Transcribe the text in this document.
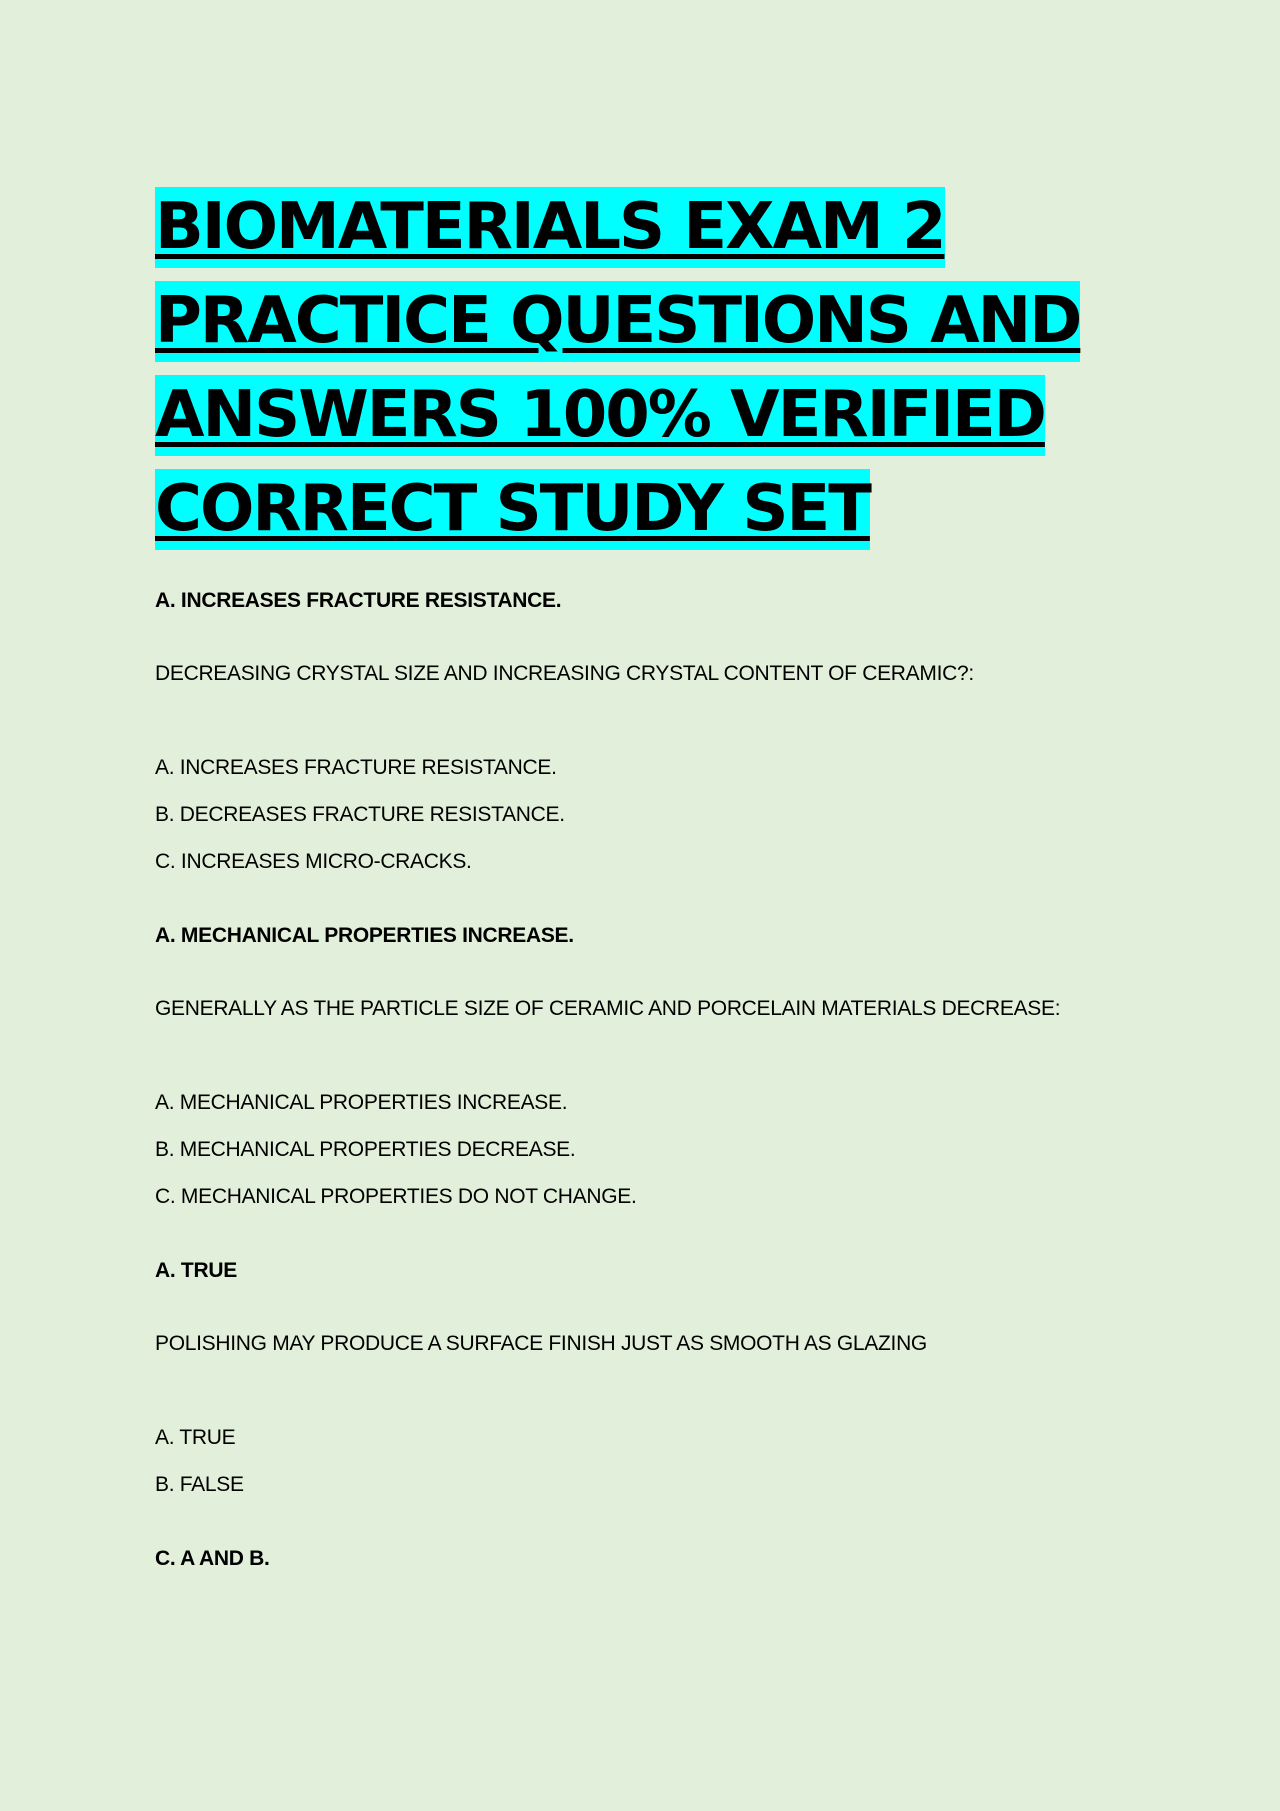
BIOMATERIALS EXAM 2
PRACTICE QUESTIONS AND
ANSWERS 100% VERIFIED
CORRECT STUDY SET

A. INCREASES FRACTURE RESISTANCE.

DECREASING CRYSTAL SIZE AND INCREASING CRYSTAL CONTENT OF CERAMIC?:

A. INCREASES FRACTURE RESISTANCE.

B. DECREASES FRACTURE RESISTANCE.

C. INCREASES MICRO-CRACKS.

A. MECHANICAL PROPERTIES INCREASE.

GENERALLY AS THE PARTICLE SIZE OF CERAMIC AND PORCELAIN MATERIALS DECREASE:

A. MECHANICAL PROPERTIES INCREASE.

B. MECHANICAL PROPERTIES DECREASE.

C. MECHANICAL PROPERTIES DO NOT CHANGE.

A. TRUE

POLISHING MAY PRODUCE A SURFACE FINISH JUST AS SMOOTH AS GLAZING

A. TRUE

B. FALSE

C. A AND B.
